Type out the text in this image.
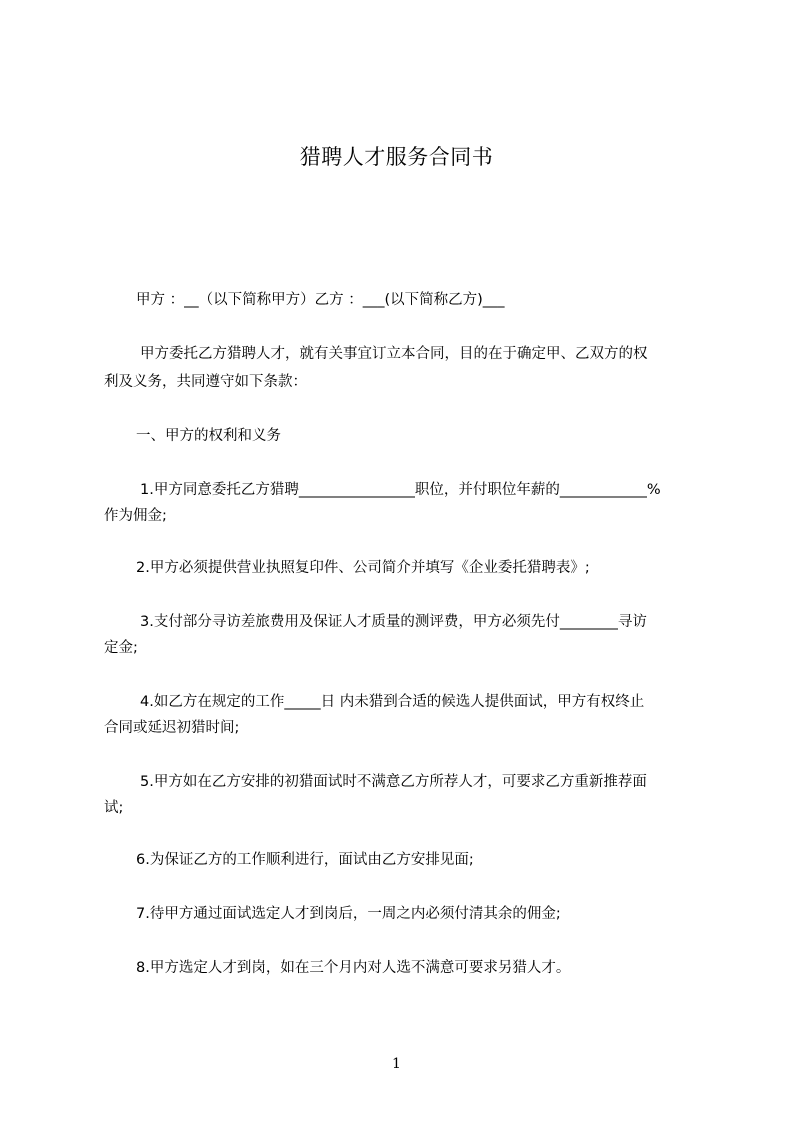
猎聘人才服务合同书
甲方 ：__（以下简称甲方）乙方 ：___(以下简称乙方)___
甲方委托乙方猎聘人才，就有关事宜订立本合同，目的在于确定甲、乙双方的权
利及义务，共同遵守如下条款：
一、甲方的权利和义务
1.甲方同意委托乙方猎聘________________职位，并付职位年薪的____________%
作为佣金;
2.甲方必须提供营业执照复印件、公司简介并填写《企业委托猎聘表》;
3.支付部分寻访差旅费用及保证人才质量的测评费，甲方必须先付________寻访
定金;
4.如乙方在规定的工作_____日 内未猎到合适的候选人提供面试，甲方有权终止
合同或延迟初猎时间;
5.甲方如在乙方安排的初猎面试时不满意乙方所荐人才，可要求乙方重新推荐面
试;
6.为保证乙方的工作顺利进行，面试由乙方安排见面;
7.待甲方通过面试选定人才到岗后，一周之内必须付清其余的佣金;
8.甲方选定人才到岗，如在三个月内对人选不满意可要求另猎人才。
1
